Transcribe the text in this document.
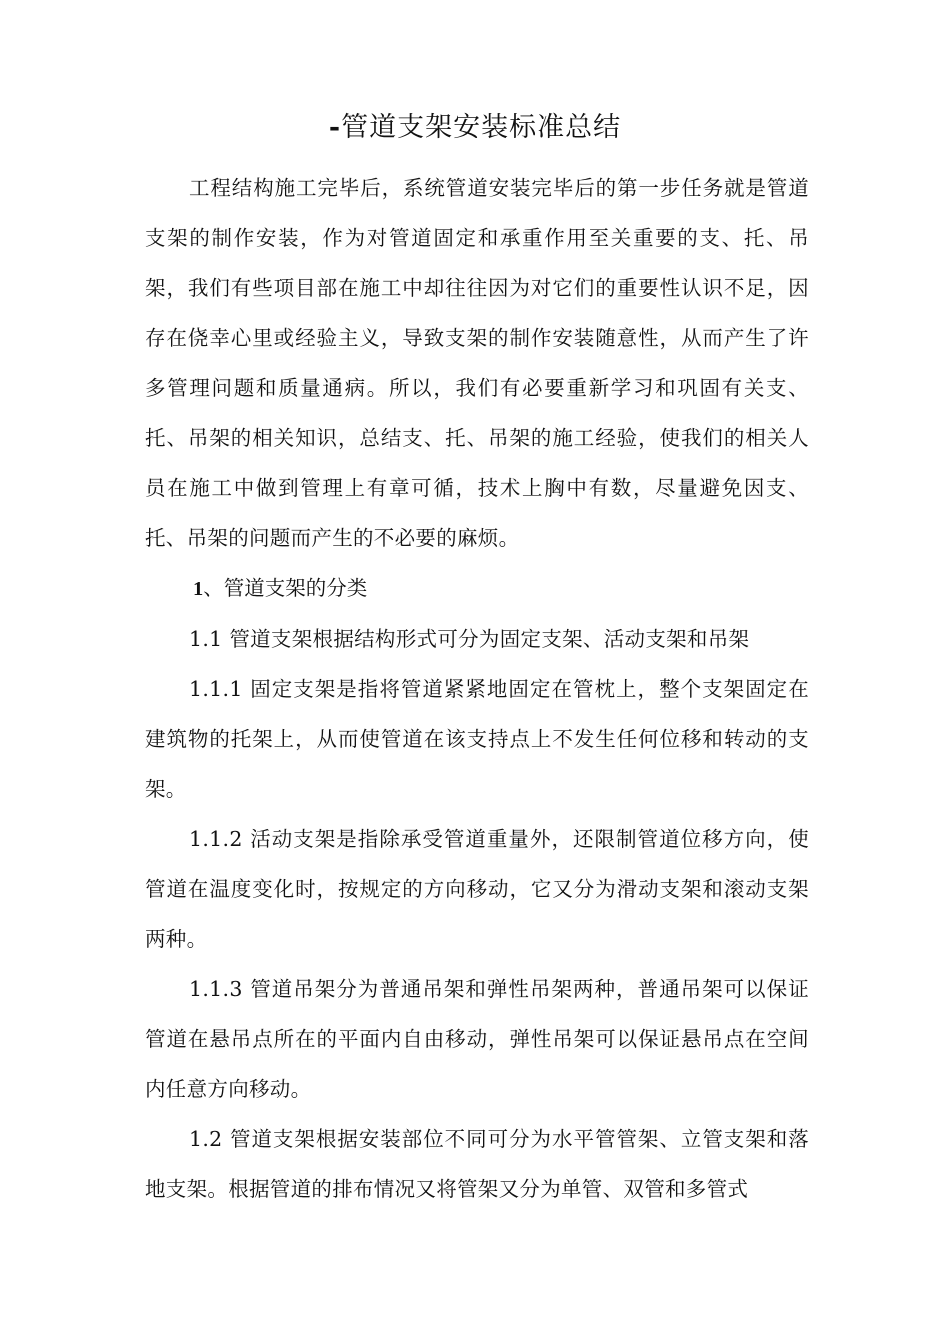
-管道支架安装标准总结

工程结构施工完毕后，系统管道安装完毕后的第一步任务就是管道支架的制作安装，作为对管道固定和承重作用至关重要的支、托、吊架，我们有些项目部在施工中却往往因为对它们的重要性认识不足，因存在侥幸心里或经验主义，导致支架的制作安装随意性，从而产生了许多管理问题和质量通病。所以，我们有必要重新学习和巩固有关支、托、吊架的相关知识，总结支、托、吊架的施工经验，使我们的相关人员在施工中做到管理上有章可循，技术上胸中有数，尽量避免因支、托、吊架的问题而产生的不必要的麻烦。

1、管道支架的分类

1.1 管道支架根据结构形式可分为固定支架、活动支架和吊架

1.1.1 固定支架是指将管道紧紧地固定在管枕上，整个支架固定在建筑物的托架上，从而使管道在该支持点上不发生任何位移和转动的支架。

1.1.2 活动支架是指除承受管道重量外，还限制管道位移方向，使管道在温度变化时，按规定的方向移动，它又分为滑动支架和滚动支架两种。

1.1.3 管道吊架分为普通吊架和弹性吊架两种，普通吊架可以保证管道在悬吊点所在的平面内自由移动，弹性吊架可以保证悬吊点在空间内任意方向移动。

1.2 管道支架根据安装部位不同可分为水平管管架、立管支架和落地支架。根据管道的排布情况又将管架又分为单管、双管和多管式
